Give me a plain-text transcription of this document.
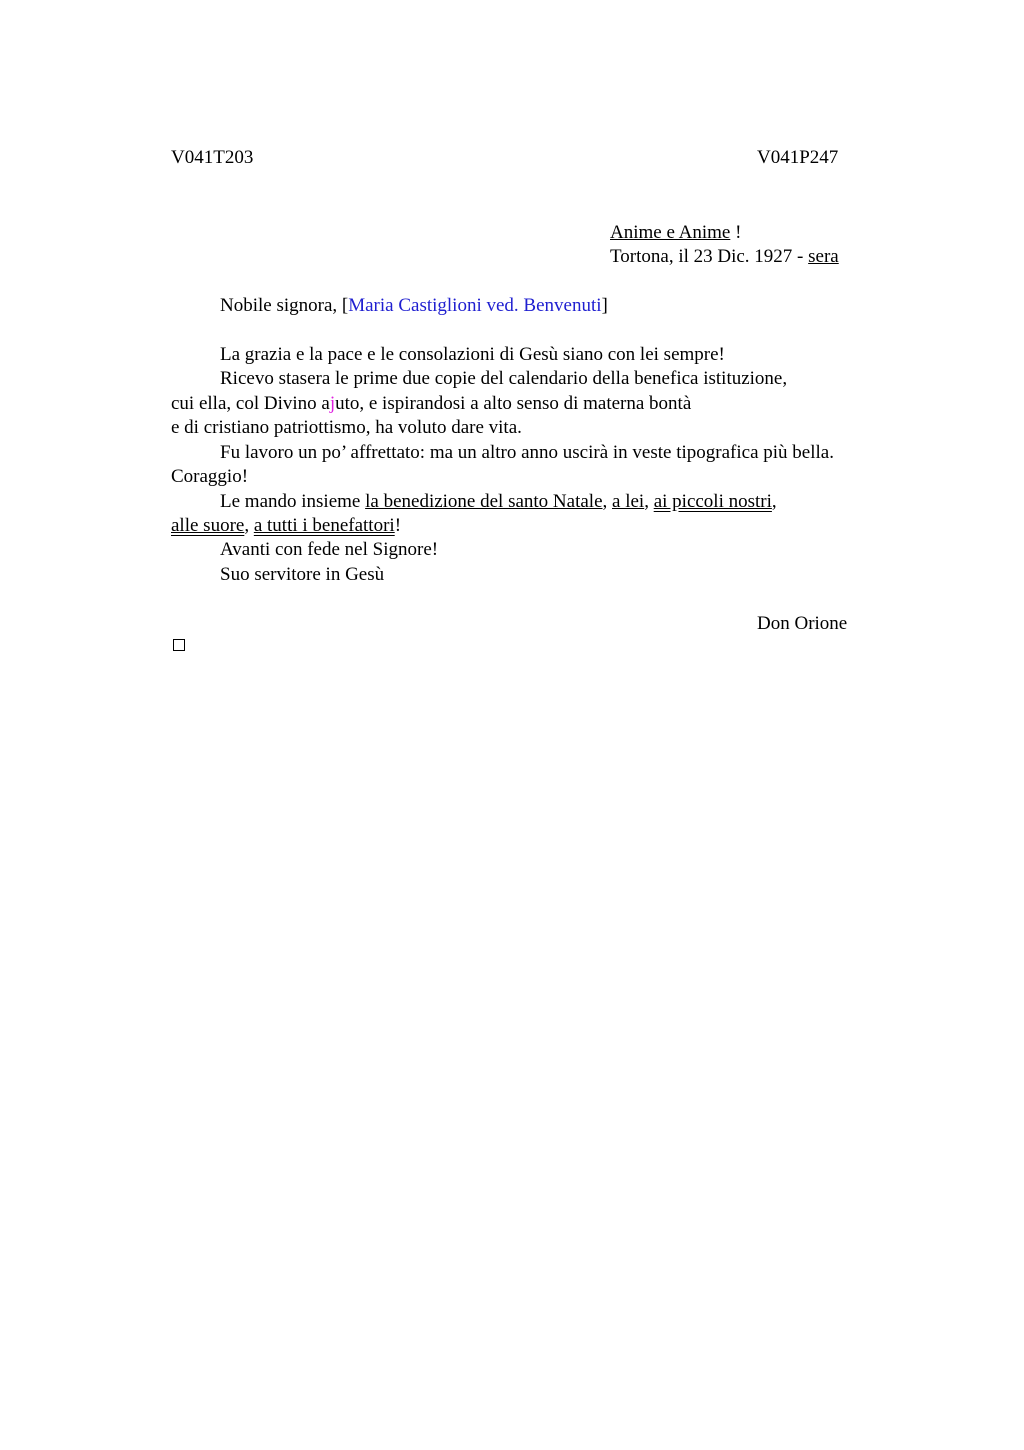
V041T203	V041P247
Anime e Anime !
Tortona, il 23 Dic. 1927 - sera
Nobile signora, [Maria Castiglioni ved. Benvenuti]
La grazia e la pace e le consolazioni di Gesù siano con lei sempre!
Ricevo stasera le prime due copie del calendario della benefica istituzione,
cui ella, col Divino ajuto, e ispirandosi a alto senso di materna bontà
e di cristiano patriottismo, ha voluto dare vita.
Fu lavoro un po’ affrettato: ma un altro anno uscirà in veste tipografica più bella.
Coraggio!
Le mando insieme la benedizione del santo Natale, a lei, ai piccoli nostri,
alle suore, a tutti i benefattori!
Avanti con fede nel Signore!
Suo servitore in Gesù
Don Orione
